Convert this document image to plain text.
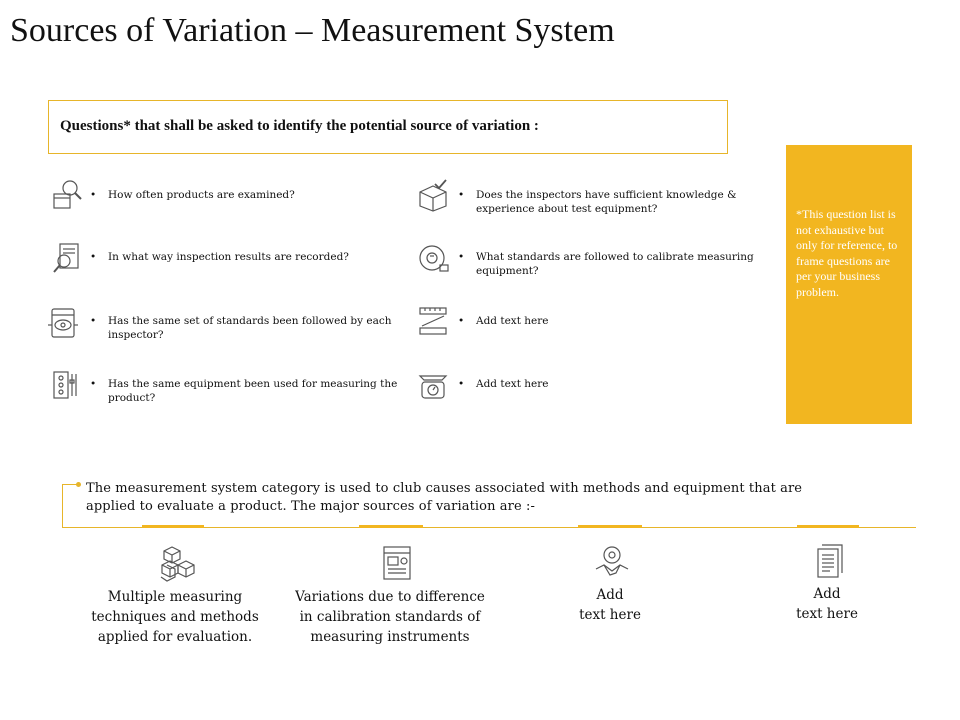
Sources of Variation – Measurement System
Questions* that shall be asked to identify the potential source of variation :
*This question list is not exhaustive but only for reference, to frame questions are per your business problem.
•	How often products are examined?
•	In what way inspection results are recorded?
•	Has the same set of standards been followed by each inspector?
•	Has the same equipment been used for measuring the product?
•	Does the inspectors have sufficient knowledge & experience about test equipment?
•	What standards are followed to calibrate measuring equipment?
•	Add text here
•	Add text here
The measurement system category is used to club causes associated with methods and equipment that are applied to evaluate a product. The major sources of variation are :-
Multiple measuring
techniques and methods
applied for evaluation.
Variations due to difference
in calibration standards of
measuring instruments
Add
text here
Add
text here
